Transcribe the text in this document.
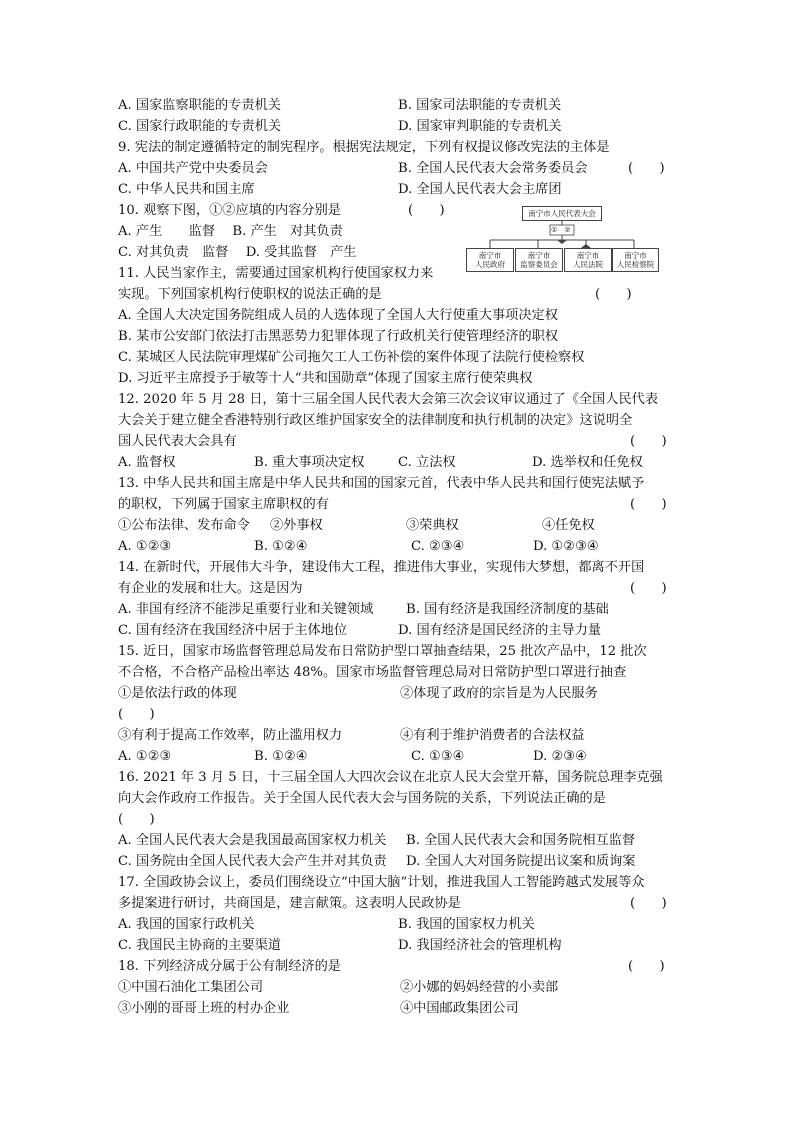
A. 国家监察职能的专责机关	B. 国家司法职能的专责机关
C. 国家行政职能的专责机关	D. 国家审判职能的专责机关
9. 宪法的制定遵循特定的制宪程序。根据宪法规定，下列有权提议修改宪法的主体是
A. 中国共产党中央委员会	B. 全国人民代表大会常务委员会	(　　)
C. 中华人民共和国主席	D. 全国人民代表大会主席团
10. 观察下图，①②应填的内容分别是	(　　)
A. 产生　　监督　 B. 产生　对其负责
C. 对其负责　监督　 D. 受其监督　产生
南宁市人民代表大会
①　②
南宁市
人民政府
南宁市
监察委员会
南宁市
人民法院
南宁市
人民检察院
11. 人民当家作主，需要通过国家机构行使国家权力来
实现。下列国家机构行使职权的说法正确的是	(　　)
A. 全国人大决定国务院组成人员的人选体现了全国人大行使重大事项决定权
B. 某市公安部门依法打击黑恶势力犯罪体现了行政机关行使管理经济的职权
C. 某城区人民法院审理煤矿公司拖欠工人工伤补偿的案件体现了法院行使检察权
D. 习近平主席授予于敏等十人“共和国勋章”体现了国家主席行使荣典权
12. 2020 年 5 月 28 日，第十三届全国人民代表大会第三次会议审议通过了《全国人民代表
大会关于建立健全香港特别行政区维护国家安全的法律制度和执行机制的决定》这说明全
国人民代表大会具有	(　　)
A. 监督权	B. 重大事项决定权	C. 立法权	D. 选举权和任免权
13. 中华人民共和国主席是中华人民共和国的国家元首，代表中华人民共和国行使宪法赋予
的职权，下列属于国家主席职权的有	(　　)
①公布法律、发布命令 ②外事权	③荣典权	④任免权
A. ①②③	B. ①②④	C. ②③④	D. ①②③④
14. 在新时代，开展伟大斗争，建设伟大工程，推进伟大事业，实现伟大梦想，都离不开国
有企业的发展和壮大。这是因为	(　　)
A. 非国有经济不能涉足重要行业和关键领域 B. 国有经济是我国经济制度的基础
C. 国有经济在我国经济中居于主体地位	D. 国有经济是国民经济的主导力量
15. 近日，国家市场监督管理总局发布日常防护型口罩抽查结果，25 批次产品中，12 批次
不合格，不合格产品检出率达 48%。国家市场监督管理总局对日常防护型口罩进行抽查
①是依法行政的体现	②体现了政府的宗旨是为人民服务
(　　)
③有利于提高工作效率，防止滥用权力	④有利于维护消费者的合法权益
A. ①②③	B. ①②④	C. ①③④	D. ②③④
16. 2021 年 3 月 5 日，十三届全国人大四次会议在北京人民大会堂开幕，国务院总理李克强
向大会作政府工作报告。关于全国人民代表大会与国务院的关系，下列说法正确的是
(　　)
A. 全国人民代表大会是我国最高国家权力机关 B. 全国人民代表大会和国务院相互监督
C. 国务院由全国人民代表大会产生并对其负责 D. 全国人大对国务院提出议案和质询案
17. 全国政协会议上，委员们围绕设立“中国大脑”计划，推进我国人工智能跨越式发展等众
多提案进行研讨，共商国是，建言献策。这表明人民政协是	(　　)
A. 我国的国家行政机关	B. 我国的国家权力机关
C. 我国民主协商的主要渠道	D. 我国经济社会的管理机构
18. 下列经济成分属于公有制经济的是	(　　)
①中国石油化工集团公司	②小娜的妈妈经营的小卖部
③小刚的哥哥上班的村办企业	④中国邮政集团公司
